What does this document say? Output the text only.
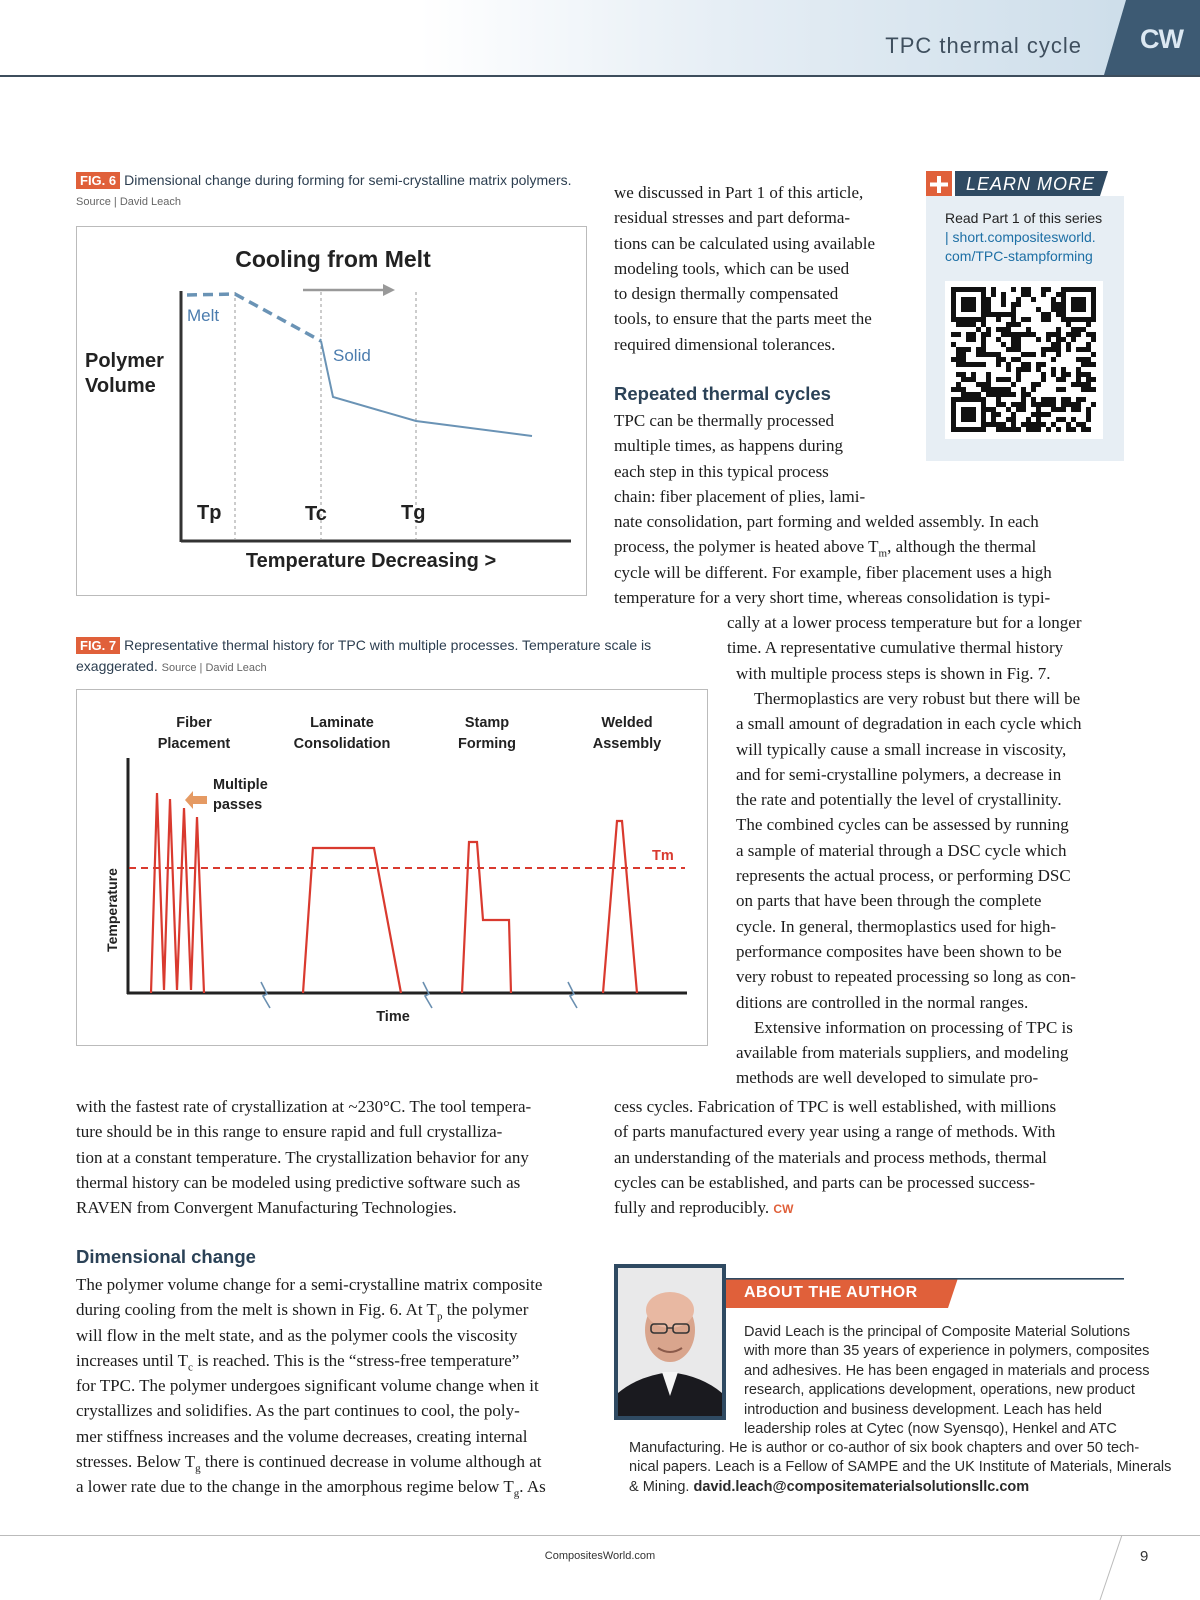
TPC thermal cycle CW
FIG. 6 Dimensional change during forming for semi-crystalline matrix polymers.
Source | David Leach
Cooling from Melt
Polymer
Volume
Melt
Solid
Tp	Tc	Tg
Temperature Decreasing >
FIG. 7 Representative thermal history for TPC with multiple processes. Temperature scale is
exaggerated. Source | David Leach
Fiber
Placement
Laminate
Consolidation
Stamp
Forming
Welded
Assembly
Multiple
passes
Temperature
Tm
Time
with the fastest rate of crystallization at ~230°C. The tool tempera-
ture should be in this range to ensure rapid and full crystalliza-
tion at a constant temperature. The crystallization behavior for any
thermal history can be modeled using predictive software such as
RAVEN from Convergent Manufacturing Technologies.
Dimensional change
The polymer volume change for a semi-crystalline matrix composite
during cooling from the melt is shown in Fig. 6. At $T_p$ the polymer
will flow in the melt state, and as the polymer cools the viscosity
increases until $T_c$ is reached. This is the “stress-free temperature”
for TPC. The polymer undergoes significant volume change when it
crystallizes and solidifies. As the part continues to cool, the poly-
mer stiffness increases and the volume decreases, creating internal
stresses. Below $T_g$ there is continued decrease in volume although at
a lower rate due to the change in the amorphous regime below $T_g$. As
we discussed in Part 1 of this article,
residual stresses and part deforma-
tions can be calculated using available
modeling tools, which can be used
to design thermally compensated
tools, to ensure that the parts meet the
required dimensional tolerances.
Repeated thermal cycles
TPC can be thermally processed
multiple times, as happens during
each step in this typical process
chain: fiber placement of plies, lami-
nate consolidation, part forming and welded assembly. In each
process, the polymer is heated above $T_m$, although the thermal
cycle will be different. For example, fiber placement uses a high
temperature for a very short time, whereas consolidation is typi-
cally at a lower process temperature but for a longer
time. A representative cumulative thermal history
with multiple process steps is shown in Fig. 7.
Thermoplastics are very robust but there will be
a small amount of degradation in each cycle which
will typically cause a small increase in viscosity,
and for semi-crystalline polymers, a decrease in
the rate and potentially the level of crystallinity.
The combined cycles can be assessed by running
a sample of material through a DSC cycle which
represents the actual process, or performing DSC
on parts that have been through the complete
cycle. In general, thermoplastics used for high-
performance composites have been shown to be
very robust to repeated processing so long as con-
ditions are controlled in the normal ranges.
Extensive information on processing of TPC is
available from materials suppliers, and modeling
methods are well developed to simulate pro-
cess cycles. Fabrication of TPC is well established, with millions
of parts manufactured every year using a range of methods. With
an understanding of the materials and process methods, thermal
cycles can be established, and parts can be processed success-
fully and reproducibly. CW
LEARN MORE
Read Part 1 of this series
| short.compositesworld.
com/TPC-stampforming
ABOUT THE AUTHOR
David Leach is the principal of Composite Material Solutions
with more than 35 years of experience in polymers, composites
and adhesives. He has been engaged in materials and process
research, applications development, operations, new product
introduction and business development. Leach has held
leadership roles at Cytec (now Syensqo), Henkel and ATC
Manufacturing. He is author or co-author of six book chapters and over 50 tech-
nical papers. Leach is a Fellow of SAMPE and the UK Institute of Materials, Minerals
& Mining. david.leach@compositematerialsolutionsllc.com
CompositesWorld.com	9
